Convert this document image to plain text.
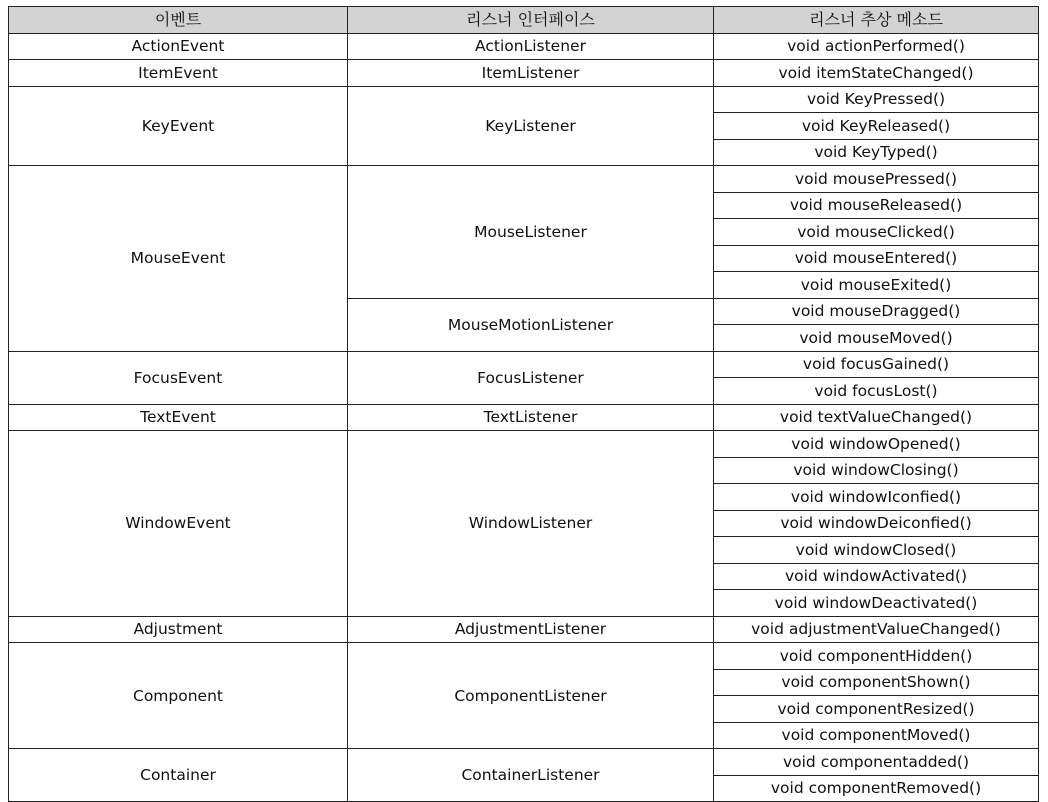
이벤트	리스너 인터페이스	리스너 추상 메소드
ActionEvent	ActionListener	void actionPerformed()
ItemEvent	ItemListener	void itemStateChanged()
KeyEvent	KeyListener	void KeyPressed()
		void KeyReleased()
		void KeyTyped()
MouseEvent	MouseListener	void mousePressed()
		void mouseReleased()
		void mouseClicked()
		void mouseEntered()
		void mouseExited()
	MouseMotionListener	void mouseDragged()
		void mouseMoved()
FocusEvent	FocusListener	void focusGained()
		void focusLost()
TextEvent	TextListener	void textValueChanged()
WindowEvent	WindowListener	void windowOpened()
		void windowClosing()
		void windowIconfied()
		void windowDeiconfied()
		void windowClosed()
		void windowActivated()
		void windowDeactivated()
Adjustment	AdjustmentListener	void adjustmentValueChanged()
Component	ComponentListener	void componentHidden()
		void componentShown()
		void componentResized()
		void componentMoved()
Container	ContainerListener	void componentadded()
		void componentRemoved()
